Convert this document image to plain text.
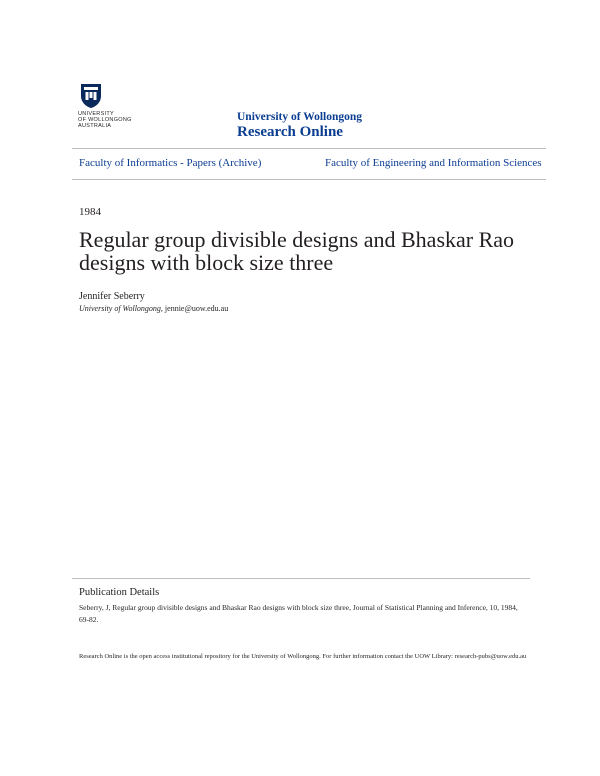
UNIVERSITY
OF WOLLONGONG
AUSTRALIA
University of Wollongong
Research Online
Faculty of Informatics - Papers (Archive)	Faculty of Engineering and Information Sciences
1984
Regular group divisible designs and Bhaskar Rao designs with block size three
Jennifer Seberry
University of Wollongong, jennie@uow.edu.au
Publication Details
Seberry, J, Regular group divisible designs and Bhaskar Rao designs with block size three, Journal of Statistical Planning and Inference, 10, 1984, 69-82.
Research Online is the open access institutional repository for the University of Wollongong. For further information contact the UOW Library: research-pubs@uow.edu.au
